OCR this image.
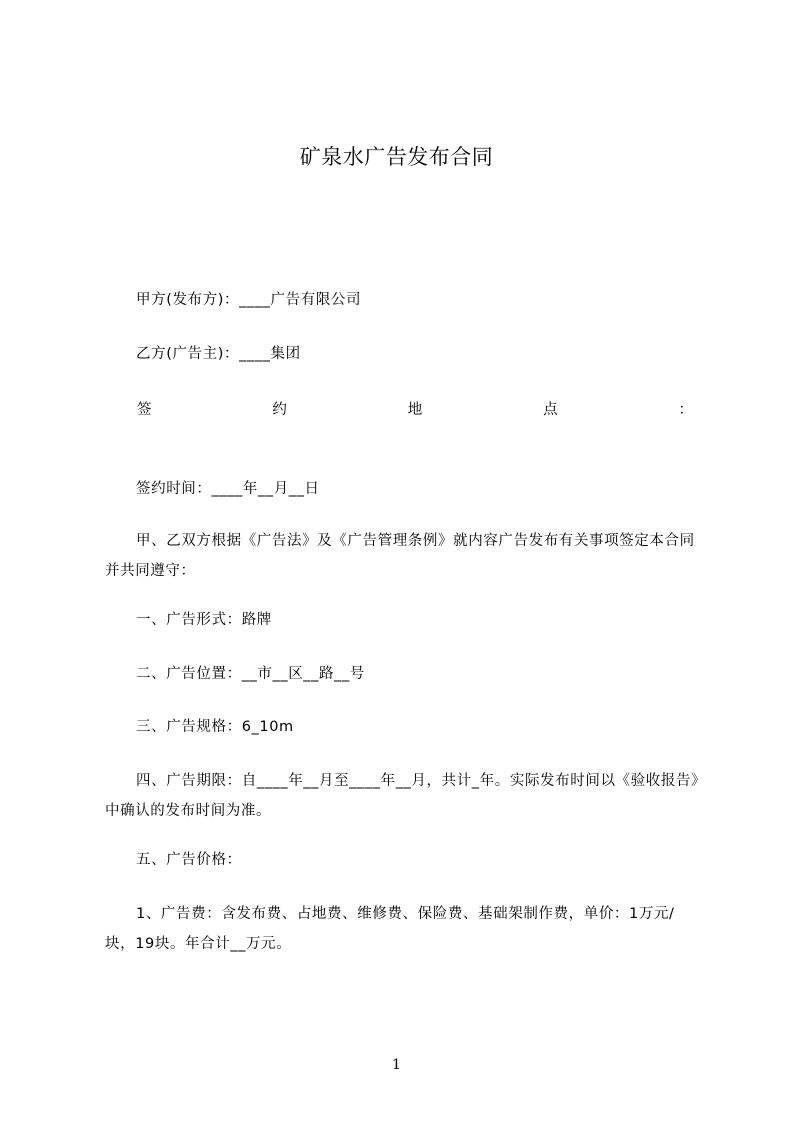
矿泉水广告发布合同
甲方(发布方)：____广告有限公司
乙方(广告主)：____集团
签	约	地	点	：
签约时间：____年__月__日
甲、乙双方根据《广告法》及《广告管理条例》就内容广告发布有关事项签定本合同并共同遵守：
一、广告形式：路牌
二、广告位置：__市__区__路__号
三、广告规格：6_10m
四、广告期限：自____年__月至____年__月，共计_年。实际发布时间以《验收报告》中确认的发布时间为准。
五、广告价格：
1、广告费：含发布费、占地费、维修费、保险费、基础架制作费，单价：1万元/块，19块。年合计__万元。
1
